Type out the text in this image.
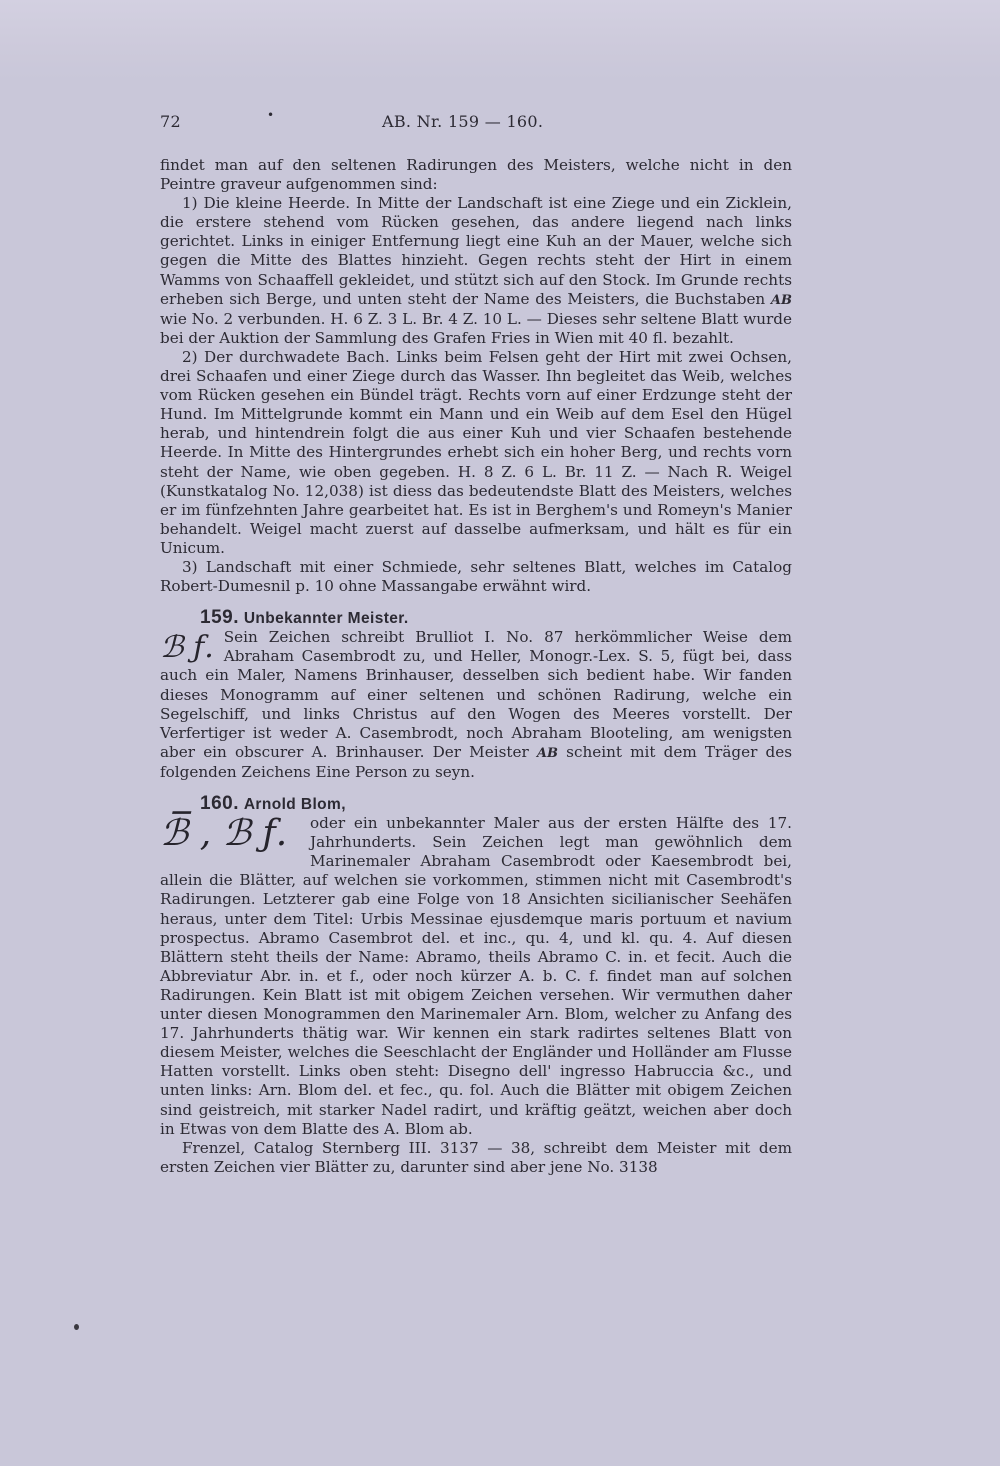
72	•	AB. Nr. 159 — 160.

findet man auf den seltenen Radirungen des Meisters, welche nicht in den Peintre graveur aufgenommen sind:

1) Die kleine Heerde. In Mitte der Landschaft ist eine Ziege und ein Zicklein, die erstere stehend vom Rücken gesehen, das andere liegend nach links gerichtet. Links in einiger Entfernung liegt eine Kuh an der Mauer, welche sich gegen die Mitte des Blattes hinzieht. Gegen rechts steht der Hirt in einem Wamms von Schaaffell gekleidet, und stützt sich auf den Stock. Im Grunde rechts erheben sich Berge, und unten steht der Name des Meisters, die Buchstaben AB wie No. 2 verbunden. H. 6 Z. 3 L. Br. 4 Z. 10 L. — Dieses sehr seltene Blatt wurde bei der Auktion der Sammlung des Grafen Fries in Wien mit 40 fl. bezahlt.

2) Der durchwadete Bach. Links beim Felsen geht der Hirt mit zwei Ochsen, drei Schaafen und einer Ziege durch das Wasser. Ihn begleitet das Weib, welches vom Rücken gesehen ein Bündel trägt. Rechts vorn auf einer Erdzunge steht der Hund. Im Mittelgrunde kommt ein Mann und ein Weib auf dem Esel den Hügel herab, und hintendrein folgt die aus einer Kuh und vier Schaafen bestehende Heerde. In Mitte des Hintergrundes erhebt sich ein hoher Berg, und rechts vorn steht der Name, wie oben gegeben. H. 8 Z. 6 L. Br. 11 Z. — Nach R. Weigel (Kunstkatalog No. 12,038) ist diess das bedeutendste Blatt des Meisters, welches er im fünfzehnten Jahre gearbeitet hat. Es ist in Berghem's und Romeyn's Manier behandelt. Weigel macht zuerst auf dasselbe aufmerksam, und hält es für ein Unicum.

3) Landschaft mit einer Schmiede, sehr seltenes Blatt, welches im Catalog Robert-Dumesnil p. 10 ohne Massangabe erwähnt wird.

159. Unbekannter Meister.

ℬ ƒ. Sein Zeichen schreibt Brulliot I. No. 87 herkömmlicher Weise dem Abraham Casembrodt zu, und Heller, Monogr.-Lex. S. 5, fügt bei, dass auch ein Maler, Namens Brinhauser, desselben sich bedient habe. Wir fanden dieses Monogramm auf einer seltenen und schönen Radirung, welche ein Segelschiff, und links Christus auf den Wogen des Meeres vorstellt. Der Verfertiger ist weder A. Casembrodt, noch Abraham Blooteling, am wenigsten aber ein obscurer A. Brinhauser. Der Meister AB scheint mit dem Träger des folgenden Zeichens Eine Person zu seyn.

160. Arnold Blom,

ℬ̅ , ℬ ƒ.	oder ein unbekannter Maler aus der ersten Hälfte des 17. Jahrhunderts. Sein Zeichen legt man gewöhnlich dem Marinemaler Abraham Casembrodt oder Kaesembrodt bei, allein die Blätter, auf welchen sie vorkommen, stimmen nicht mit Casembrodt's Radirungen. Letzterer gab eine Folge von 18 Ansichten sicilianischer Seehäfen heraus, unter dem Titel: Urbis Messinae ejusdemque maris portuum et navium prospectus. Abramo Casembrot del. et inc., qu. 4, und kl. qu. 4. Auf diesen Blättern steht theils der Name: Abramo, theils Abramo C. in. et fecit. Auch die Abbreviatur Abr. in. et f., oder noch kürzer A. b. C. f. findet man auf solchen Radirungen. Kein Blatt ist mit obigem Zeichen versehen. Wir vermuthen daher unter diesen Monogrammen den Marinemaler Arn. Blom, welcher zu Anfang des 17. Jahrhunderts thätig war. Wir kennen ein stark radirtes seltenes Blatt von diesem Meister, welches die Seeschlacht der Engländer und Holländer am Flusse Hatten vorstellt. Links oben steht: Disegno dell' ingresso Habruccia &c., und unten links: Arn. Blom del. et fec., qu. fol. Auch die Blätter mit obigem Zeichen sind geistreich, mit starker Nadel radirt, und kräftig geätzt, weichen aber doch in Etwas von dem Blatte des A. Blom ab.

Frenzel, Catalog Sternberg III. 3137 — 38, schreibt dem Meister mit dem ersten Zeichen vier Blätter zu, darunter sind aber jene No. 3138
